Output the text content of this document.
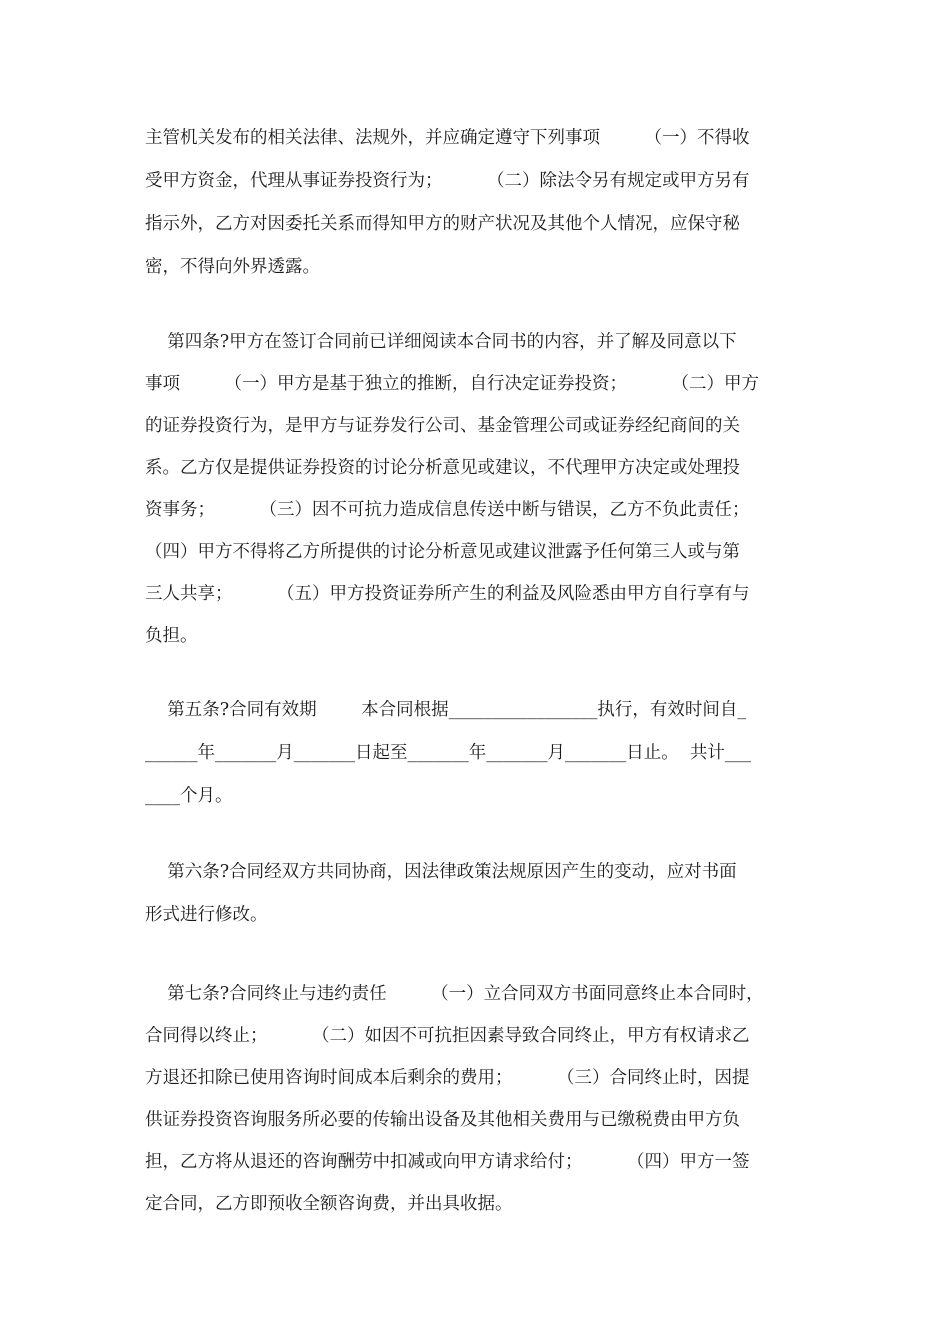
主管机关发布的相关法律、法规外，并应确定遵守下列事项        （一）不得收
受甲方资金，代理从事证券投资行为；        （二）除法令另有规定或甲方另有
指示外，乙方对因委托关系而得知甲方的财产状况及其他个人情况，应保守秘
密，不得向外界透露。
第四条?甲方在签订合同前已详细阅读本合同书的内容，并了解及同意以下
事项        （一）甲方是基于独立的推断，自行决定证券投资；        （二）甲方
的证券投资行为，是甲方与证券发行公司、基金管理公司或证券经纪商间的关
系。乙方仅是提供证券投资的讨论分析意见或建议，不代理甲方决定或处理投
资事务；        （三）因不可抗力造成信息传送中断与错误，乙方不负此责任；
（四）甲方不得将乙方所提供的讨论分析意见或建议泄露予任何第三人或与第
三人共享；        （五）甲方投资证券所产生的利益及风险悉由甲方自行享有与
负担。
第五条?合同有效期        本合同根据_________________执行，有效时间自_
______年_______月_______日起至_______年_______月_______日止。  共计___
____个月。
第六条?合同经双方共同协商，因法律政策法规原因产生的变动，应对书面
形式进行修改。
第七条?合同终止与违约责任        （一）立合同双方书面同意终止本合同时，
合同得以终止；        （二）如因不可抗拒因素导致合同终止，甲方有权请求乙
方退还扣除已使用咨询时间成本后剩余的费用；        （三）合同终止时，因提
供证券投资咨询服务所必要的传输出设备及其他相关费用与已缴税费由甲方负
担，乙方将从退还的咨询酬劳中扣减或向甲方请求给付；        （四）甲方一签
定合同，乙方即预收全额咨询费，并出具收据。
